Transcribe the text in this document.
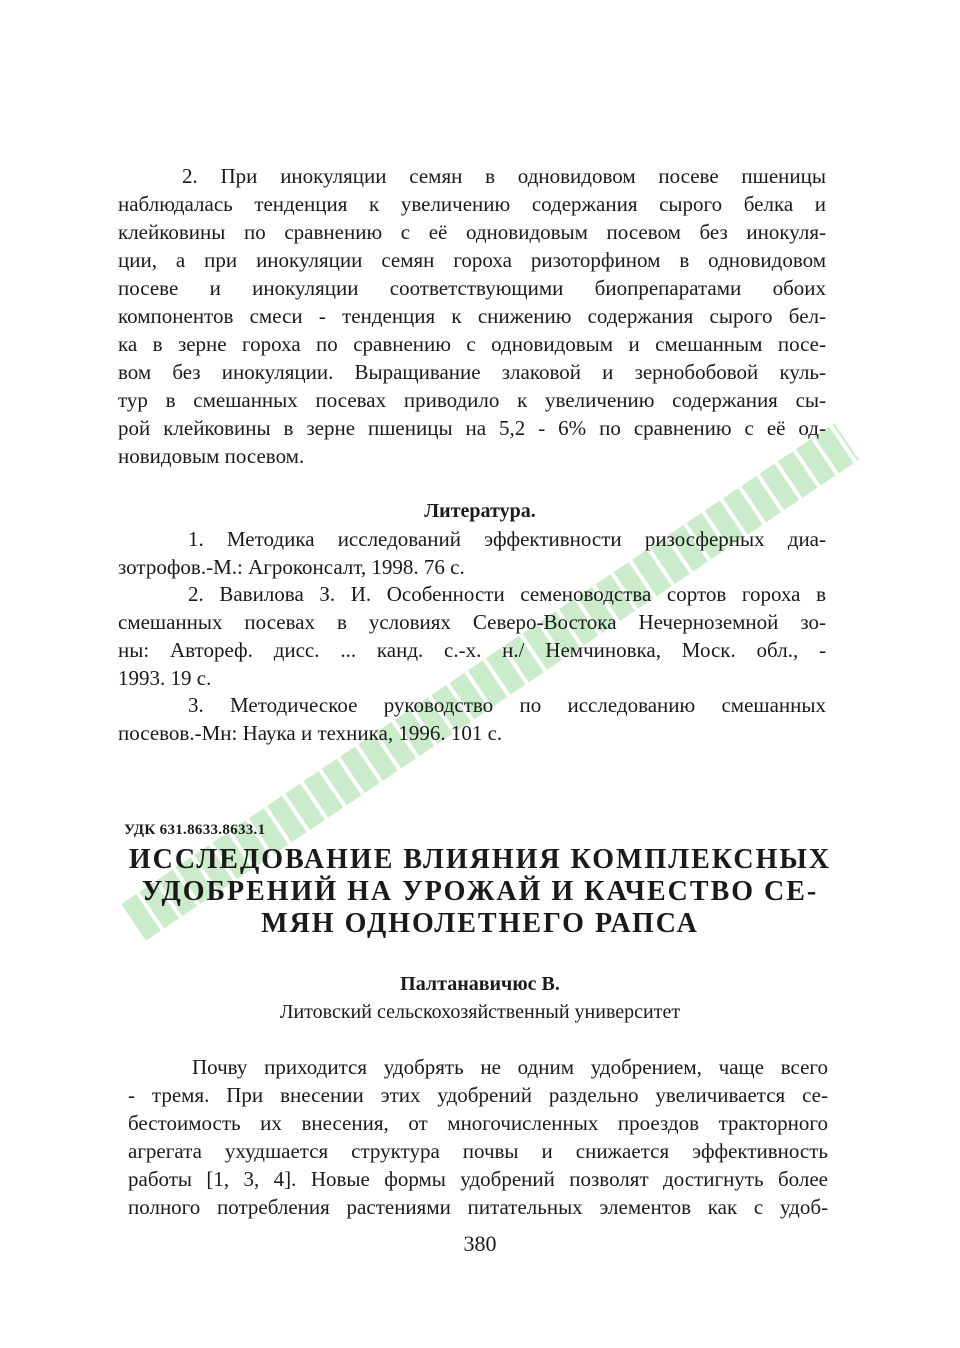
2. При инокуляции семян в одновидовом посеве пшеницы

наблюдалась тенденция к увеличению содержания сырого белка и

клейковины по сравнению с её одновидовым посевом без инокуля-

ции, а при инокуляции семян гороха ризоторфином в одновидовом

посеве и инокуляции соответствующими биопрепаратами обоих

компонентов смеси - тенденция к снижению содержания сырого бел-

ка в зерне гороха по сравнению с одновидовым и смешанным посе-

вом без инокуляции. Выращивание злаковой и зернобобовой куль-

тур в смешанных посевах приводило к увеличению содержания сы-

рой клейковины в зерне пшеницы на 5,2 - 6% по сравнению с её од-

новидовым посевом.

Литература.

1. Методика исследований эффективности ризосферных диа-

зотрофов.-М.: Агроконсалт, 1998. 76 с.

2. Вавилова З. И. Особенности семеноводства сортов гороха в

смешанных посевах в условиях Северо-Востока Нечерноземной зо-

ны: Автореф. дисс. ... канд. с.-х. н./ Немчиновка, Моск. обл., -

1993. 19 с.

3. Методическое руководство по исследованию смешанных

посевов.-Мн: Наука и техника, 1996. 101 с.

УДК 631.8633.8633.1

ИССЛЕДОВАНИЕ ВЛИЯНИЯ КОМПЛЕКСНЫХ

УДОБРЕНИЙ НА УРОЖАЙ И КАЧЕСТВО СЕ-

МЯН ОДНОЛЕТНЕГО РАПСА

Палтанавичюс В.

Литовский сельскохозяйственный университет

Почву приходится удобрять не одним удобрением, чаще всего

- тремя. При внесении этих удобрений раздельно увеличивается се-

бестоимость их внесения, от многочисленных проездов тракторного

агрегата ухудшается структура почвы и снижается эффективность

работы [1, 3, 4]. Новые формы удобрений позволят достигнуть более

полного потребления растениями питательных элементов как с удоб-

380
